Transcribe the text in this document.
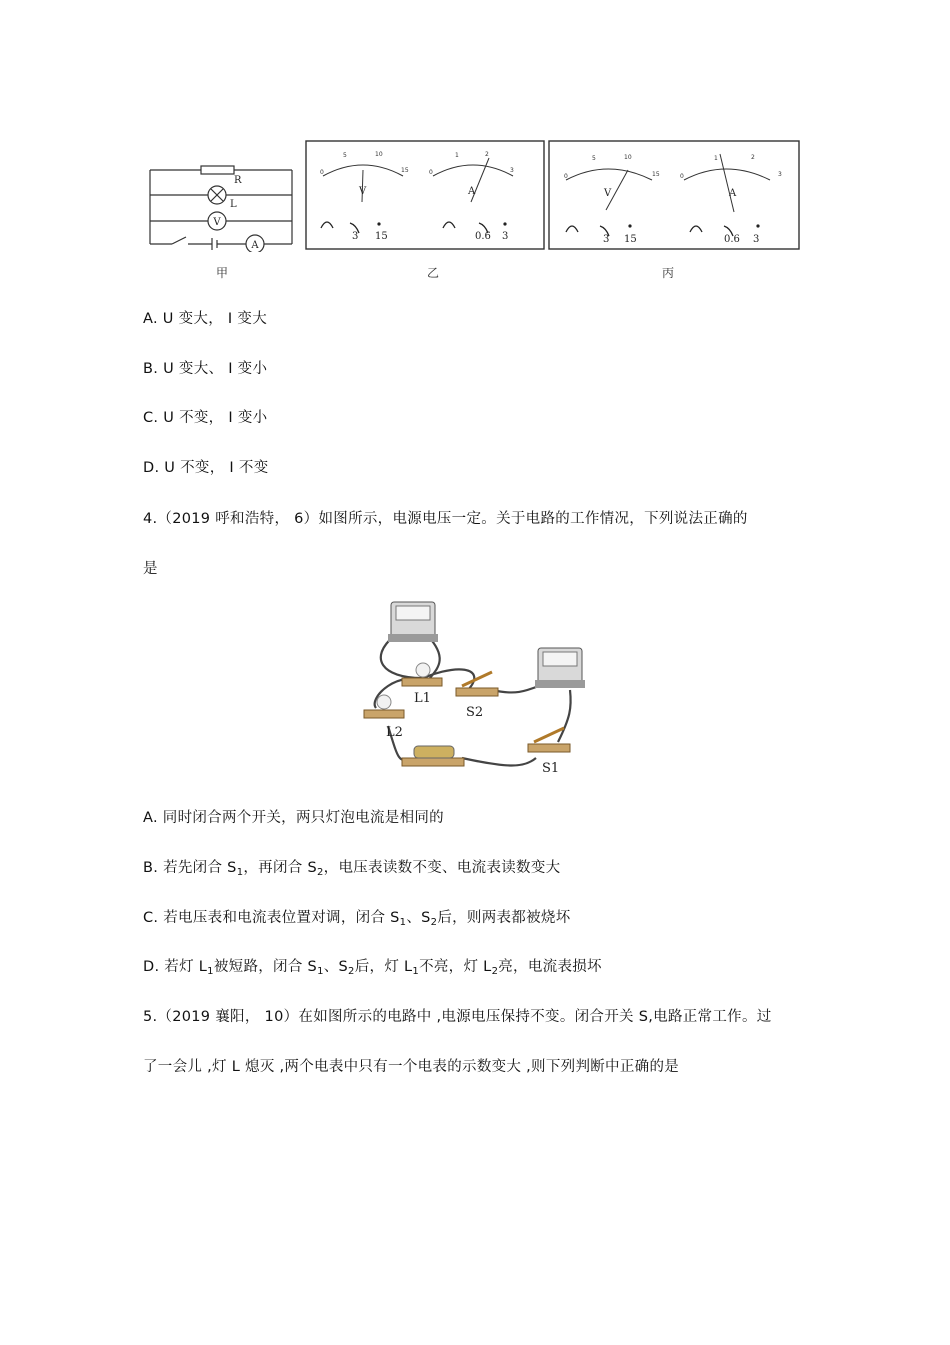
R
L
V
A
0
5	10
15	0
1	2
3
V	A
3 15	0.6 3
乙
0
5	10
15	0
1	2
3
V	A
3 15	0.6 3
甲	丙
A. U 变大， I 变大
B. U 变大、 I 变小
C. U 不变， I 变小
D. U 不变， I 不变
4.（2019 呼和浩特， 6）如图所示，电源电压一定。关于电路的工作情况，下列说法正确的
是
L1
L2
S2
S1
A. 同时闭合两个开关，两只灯泡电流是相同的
B. 若先闭合 $S_1$，再闭合 $S_2$，电压表读数不变、电流表读数变大
C. 若电压表和电流表位置对调，闭合 $S_1$、$S_2$后，则两表都被烧坏
D. 若灯 $L_1$被短路，闭合 $S_1$、$S_2$后，灯 $L_1$不亮，灯 $L_2$亮，电流表损坏
5.（2019 襄阳， 10）在如图所示的电路中 ,电源电压保持不变。闭合开关 S,电路正常工作。过
了一会儿 ,灯 L 熄灭 ,两个电表中只有一个电表的示数变大 ,则下列判断中正确的是
